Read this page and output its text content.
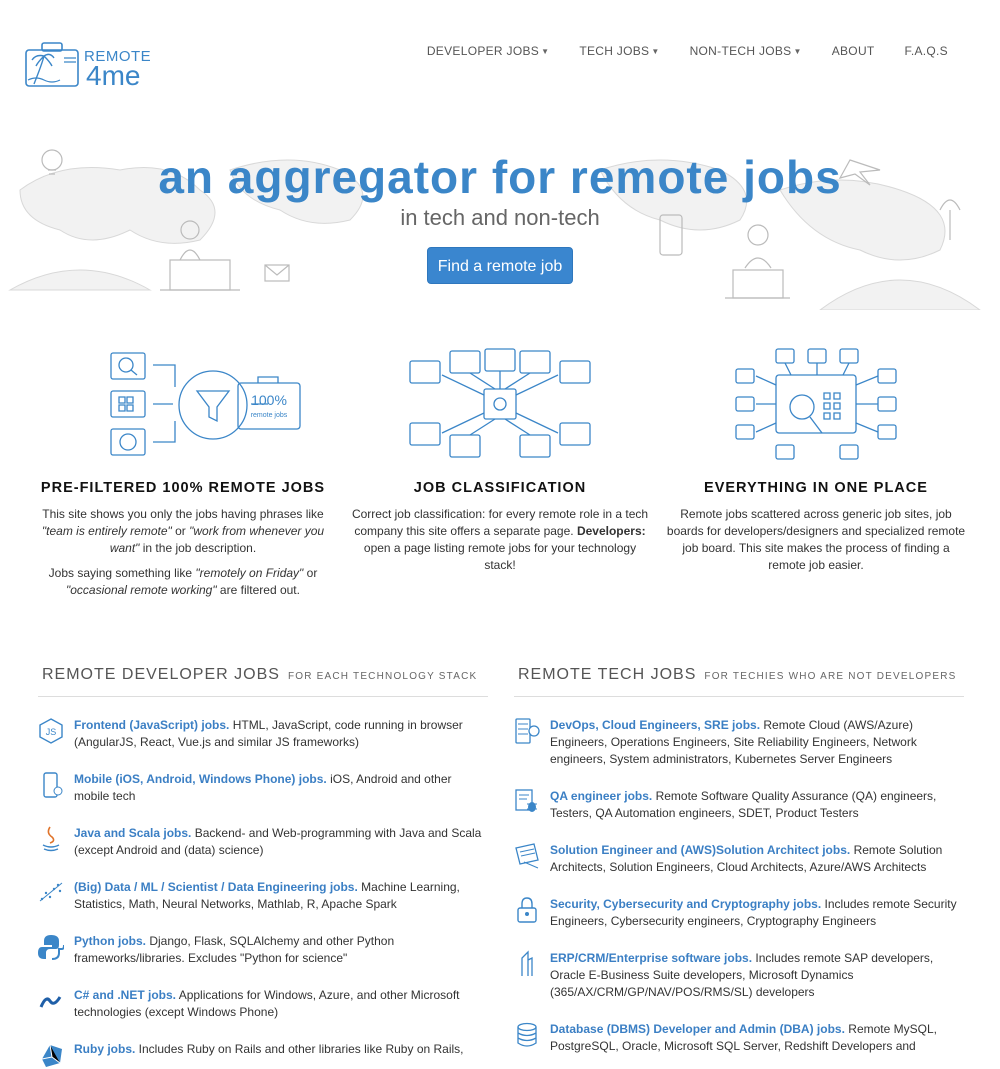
REMOTE
4me
DEVELOPER JOBS ▼	TECH JOBS ▼	NON-TECH JOBS ▼	ABOUT	F.A.Q.S
an aggregator for remote jobs
in tech and non-tech
Find a remote job
100%
remote jobs
PRE-FILTERED 100% REMOTE JOBS

This site shows you only the jobs having phrases like "team is entirely remote" or "work from whenever you want" in the job description.

Jobs saying something like "remotely on Friday" or "occasional remote working" are filtered out.

JOB CLASSIFICATION

Correct job classification: for every remote role in a tech company this site offers a separate page. Developers: open a page listing remote jobs for your technology stack!

EVERYTHING IN ONE PLACE

Remote jobs scattered across generic job sites, job boards for developers/designers and specialized remote job board. This site makes the process of finding a remote job easier.

REMOTE DEVELOPER JOBS FOR EACH TECHNOLOGY STACK
JS Frontend (JavaScript) jobs. HTML, JavaScript, code running in browser (AngularJS, React, Vue.js and similar JS frameworks)
Mobile (iOS, Android, Windows Phone) jobs. iOS, Android and other mobile tech
Java and Scala jobs. Backend- and Web-programming with Java and Scala (except Android and (data) science)
(Big) Data / ML / Scientist / Data Engineering jobs. Machine Learning, Statistics, Math, Neural Networks, Mathlab, R, Apache Spark
Python jobs. Django, Flask, SQLAlchemy and other Python frameworks/libraries. Excludes "Python for science"
C# and .NET jobs. Applications for Windows, Azure, and other Microsoft technologies (except Windows Phone)
Ruby jobs. Includes Ruby on Rails and other libraries like Ruby on Rails,
REMOTE TECH JOBS FOR TECHIES WHO ARE NOT DEVELOPERS
DevOps, Cloud Engineers, SRE jobs. Remote Cloud (AWS/Azure) Engineers, Operations Engineers, Site Reliability Engineers, Network engineers, System administrators, Kubernetes Server Engineers
QA engineer jobs. Remote Software Quality Assurance (QA) engineers, Testers, QA Automation engineers, SDET, Product Testers
Solution Engineer and (AWS)Solution Architect jobs. Remote Solution Architects, Solution Engineers, Cloud Architects, Azure/AWS Architects
Security, Cybersecurity and Cryptography jobs. Includes remote Security Engineers, Cybersecurity engineers, Cryptography Engineers
ERP/CRM/Enterprise software jobs. Includes remote SAP developers, Oracle E-Business Suite developers, Microsoft Dynamics (365/AX/CRM/GP/NAV/POS/RMS/SL) developers
Database (DBMS) Developer and Admin (DBA) jobs. Remote MySQL, PostgreSQL, Oracle, Microsoft SQL Server, Redshift Developers and
